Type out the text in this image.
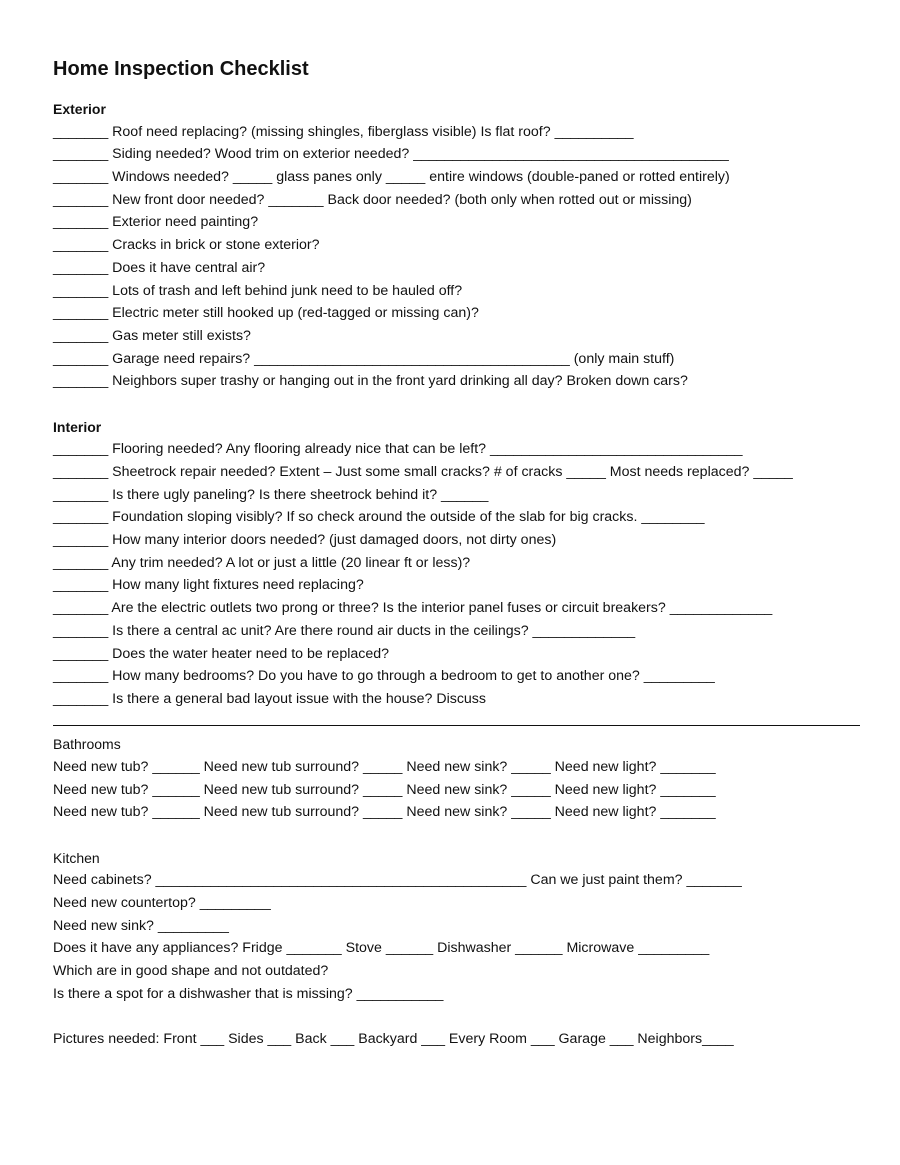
Home Inspection Checklist
Exterior
_______ Roof need replacing? (missing shingles, fiberglass visible) Is flat roof? __________
_______ Siding needed? Wood trim on exterior needed? ________________________________________
_______ Windows needed? _____ glass panes only _____ entire windows (double-paned or rotted entirely)
_______ New front door needed? _______ Back door needed? (both only when rotted out or missing)
_______ Exterior need painting?
_______ Cracks in brick or stone exterior?
_______ Does it have central air?
_______ Lots of trash and left behind junk need to be hauled off?
_______ Electric meter still hooked up (red-tagged or missing can)?
_______ Gas meter still exists?
_______ Garage need repairs? ________________________________________ (only main stuff)
_______ Neighbors super trashy or hanging out in the front yard drinking all day? Broken down cars?
Interior
_______ Flooring needed? Any flooring already nice that can be left? ________________________________
_______ Sheetrock repair needed? Extent – Just some small cracks? # of cracks _____ Most needs replaced? _____
_______ Is there ugly paneling? Is there sheetrock behind it? ______
_______ Foundation sloping visibly? If so check around the outside of the slab for big cracks. ________
_______ How many interior doors needed? (just damaged doors, not dirty ones)
_______ Any trim needed? A lot or just a little (20 linear ft or less)?
_______ How many light fixtures need replacing?
_______ Are the electric outlets two prong or three? Is the interior panel fuses or circuit breakers? _____________
_______ Is there a central ac unit? Are there round air ducts in the ceilings? _____________
_______ Does the water heater need to be replaced?
_______ How many bedrooms? Do you have to go through a bedroom to get to another one? _________
_______ Is there a general bad layout issue with the house? Discuss
Bathrooms
Need new tub? ______ Need new tub surround? _____ Need new sink? _____ Need new light? _______
Need new tub? ______ Need new tub surround? _____ Need new sink? _____ Need new light? _______
Need new tub? ______ Need new tub surround? _____ Need new sink? _____ Need new light? _______
Kitchen
Need cabinets? _______________________________________________ Can we just paint them? _______
Need new countertop? _________
Need new sink? _________
Does it have any appliances? Fridge _______ Stove ______ Dishwasher ______ Microwave _________
Which are in good shape and not outdated?
Is there a spot for a dishwasher that is missing? ___________
Pictures needed: Front ___ Sides ___ Back ___ Backyard ___ Every Room ___ Garage ___ Neighbors____
